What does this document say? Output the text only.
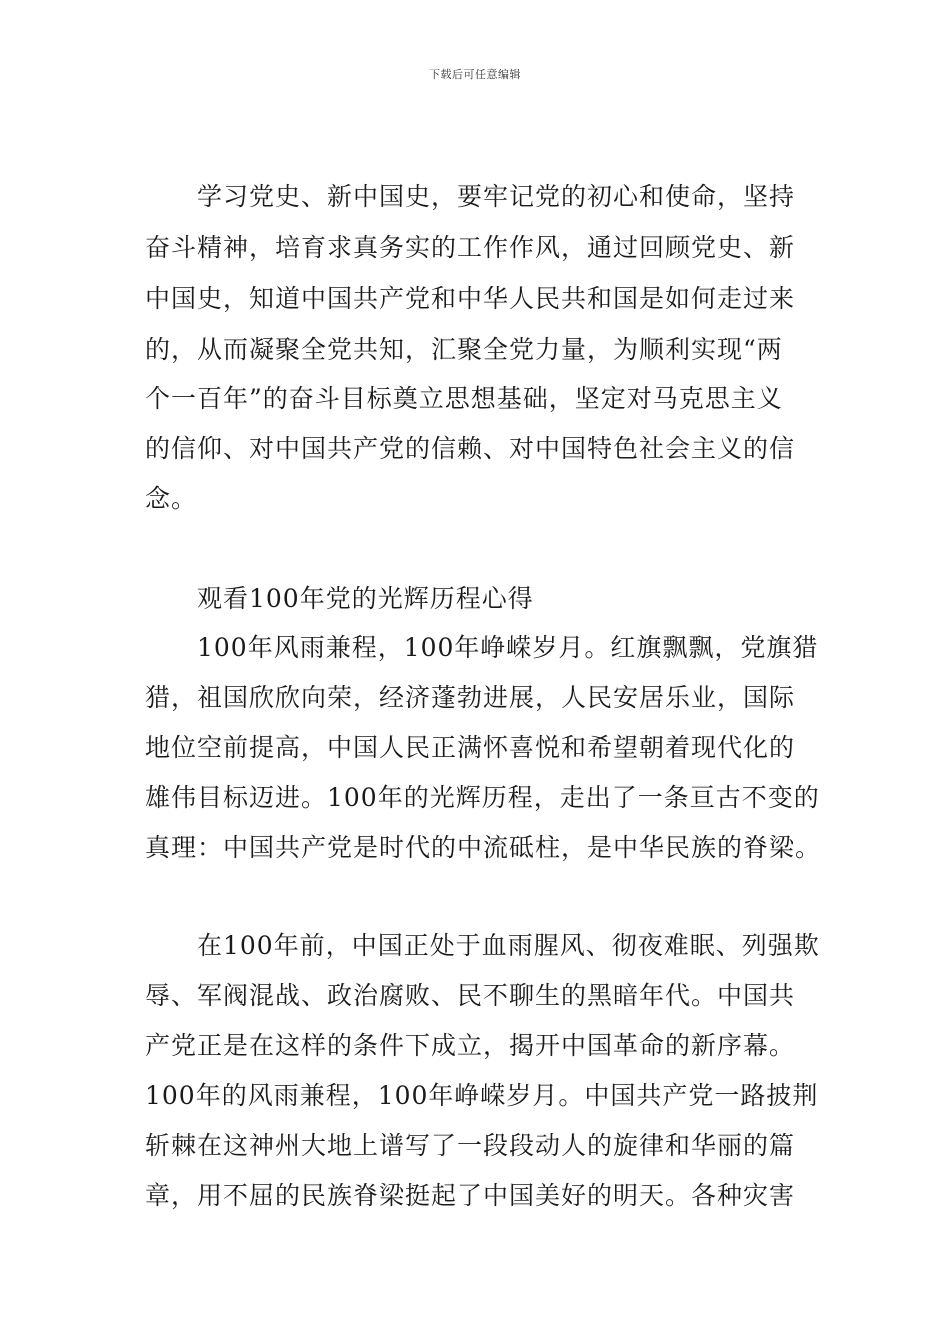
下载后可任意编辑
学习党史、新中国史，要牢记党的初心和使命，坚持
奋斗精神，培育求真务实的工作作风，通过回顾党史、新
中国史，知道中国共产党和中华人民共和国是如何走过来
的，从而凝聚全党共知，汇聚全党力量，为顺利实现“两
个一百年”的奋斗目标奠立思想基础，坚定对马克思主义
的信仰、对中国共产党的信赖、对中国特色社会主义的信
念。
观看100年党的光辉历程心得
100年风雨兼程，100年峥嵘岁月。红旗飘飘，党旗猎
猎，祖国欣欣向荣，经济蓬勃进展，人民安居乐业，国际
地位空前提高，中国人民正满怀喜悦和希望朝着现代化的
雄伟目标迈进。100年的光辉历程，走出了一条亘古不变的
真理：中国共产党是时代的中流砥柱，是中华民族的脊梁。
在100年前，中国正处于血雨腥风、彻夜难眠、列强欺
辱、军阀混战、政治腐败、民不聊生的黑暗年代。中国共
产党正是在这样的条件下成立，揭开中国革命的新序幕。
100年的风雨兼程，100年峥嵘岁月。中国共产党一路披荆
斩棘在这神州大地上谱写了一段段动人的旋律和华丽的篇
章，用不屈的民族脊梁挺起了中国美好的明天。各种灾害
